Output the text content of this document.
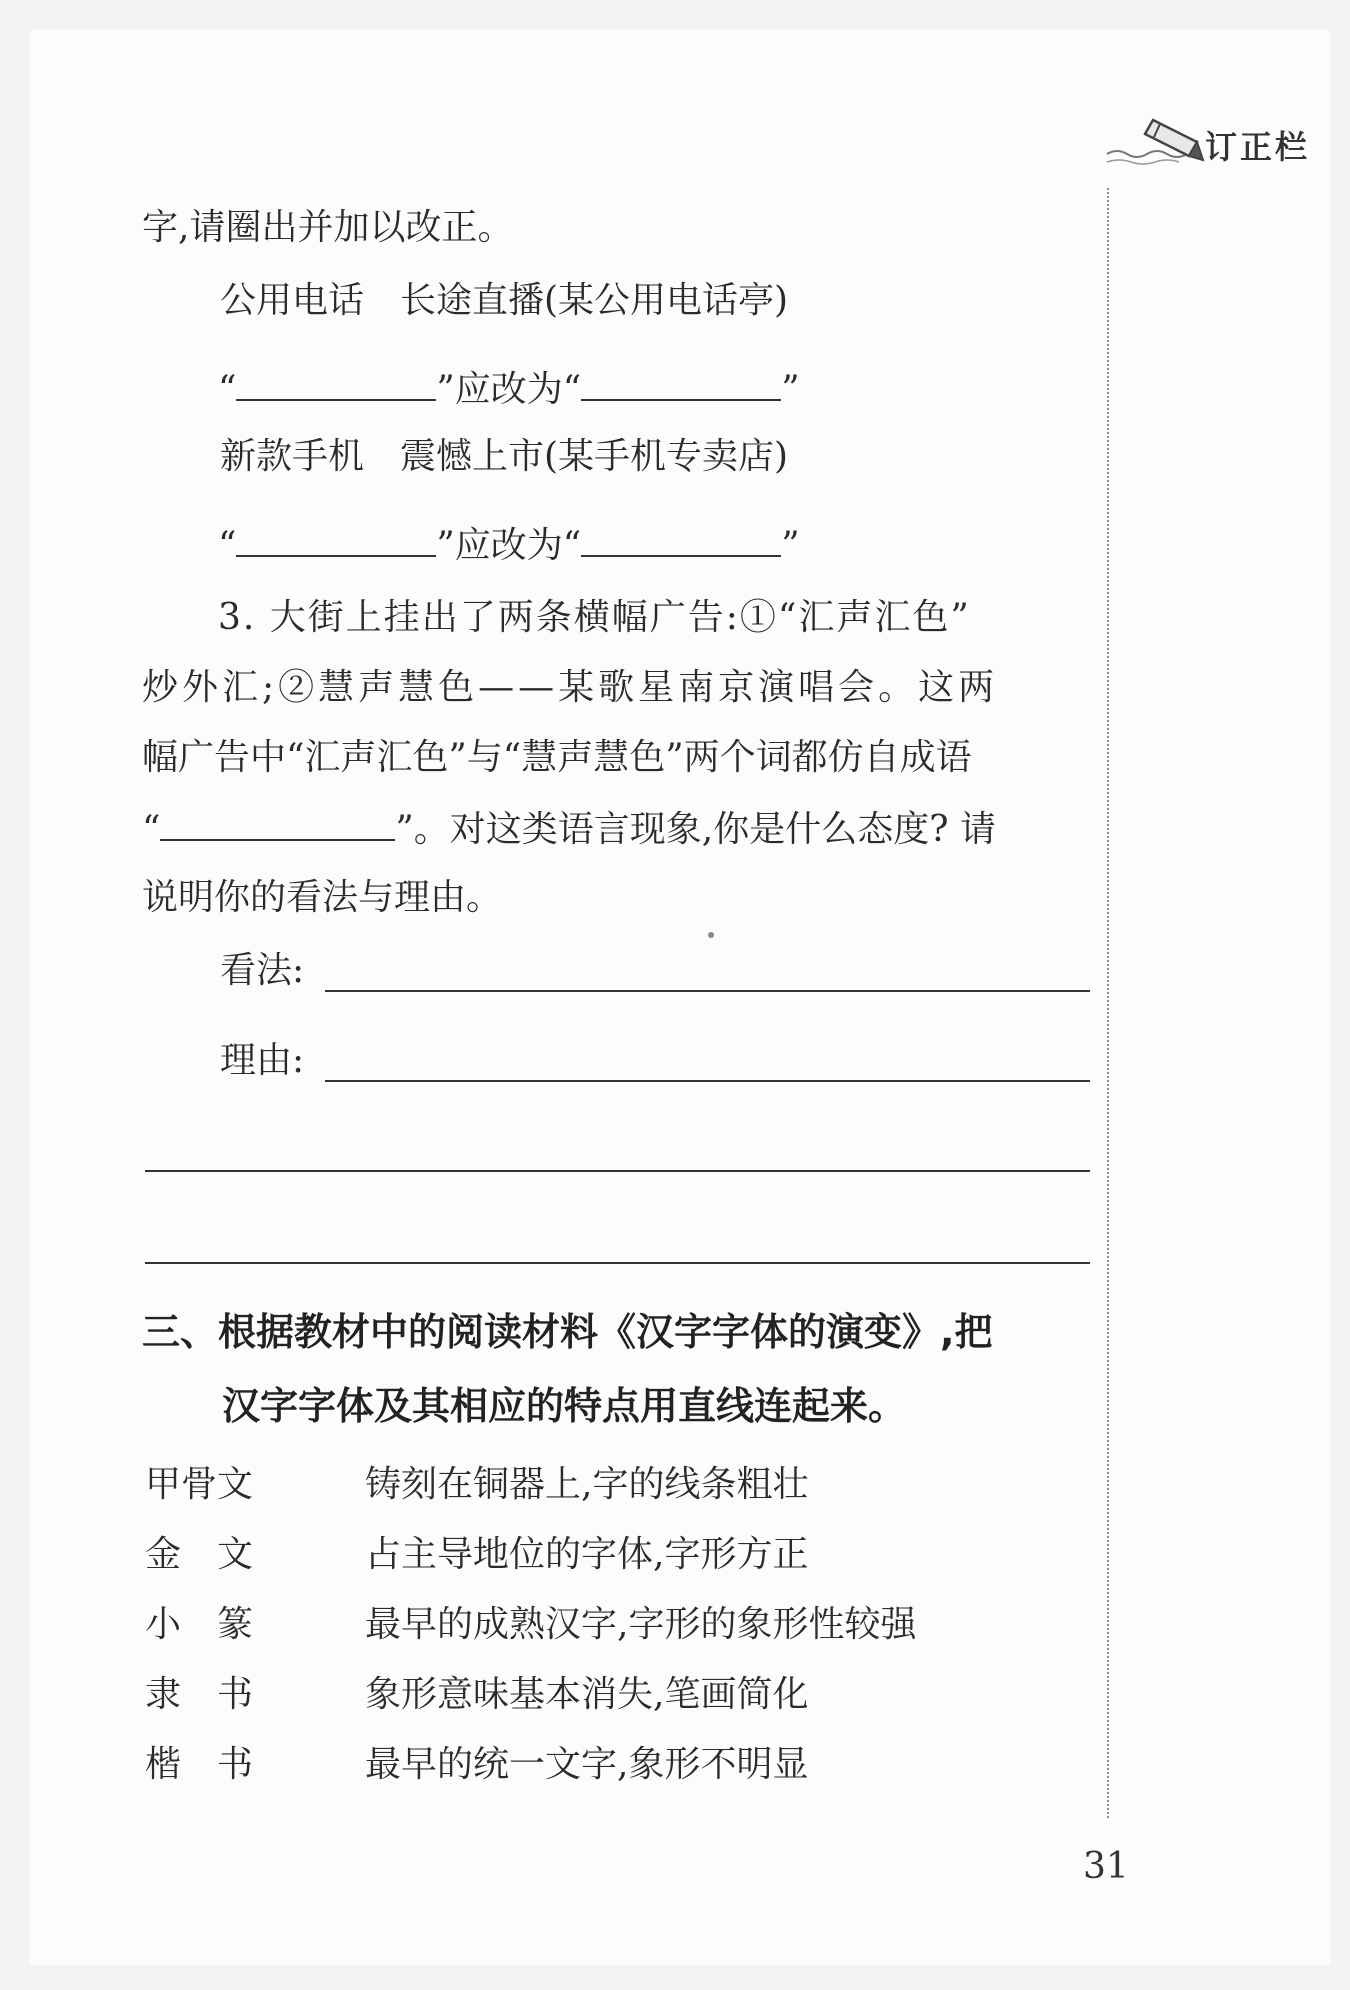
订正栏
字,请圈出并加以改正。
公用电话　长途直播(某公用电话亭)
“	”应改为“	”
新款手机　震憾上市(某手机专卖店)
“	”应改为“	”
3. 大街上挂出了两条横幅广告:①“汇声汇色”
炒外汇;②慧声慧色——某歌星南京演唱会。这两
幅广告中“汇声汇色”与“慧声慧色”两个词都仿自成语
“	”。对这类语言现象,你是什么态度? 请
说明你的看法与理由。
看法:
理由:
三、根据教材中的阅读材料《汉字字体的演变》,把
汉字字体及其相应的特点用直线连起来。
甲骨文	铸刻在铜器上,字的线条粗壮
金　文	占主导地位的字体,字形方正
小　篆	最早的成熟汉字,字形的象形性较强
隶　书	象形意味基本消失,笔画简化
楷　书	最早的统一文字,象形不明显
31
